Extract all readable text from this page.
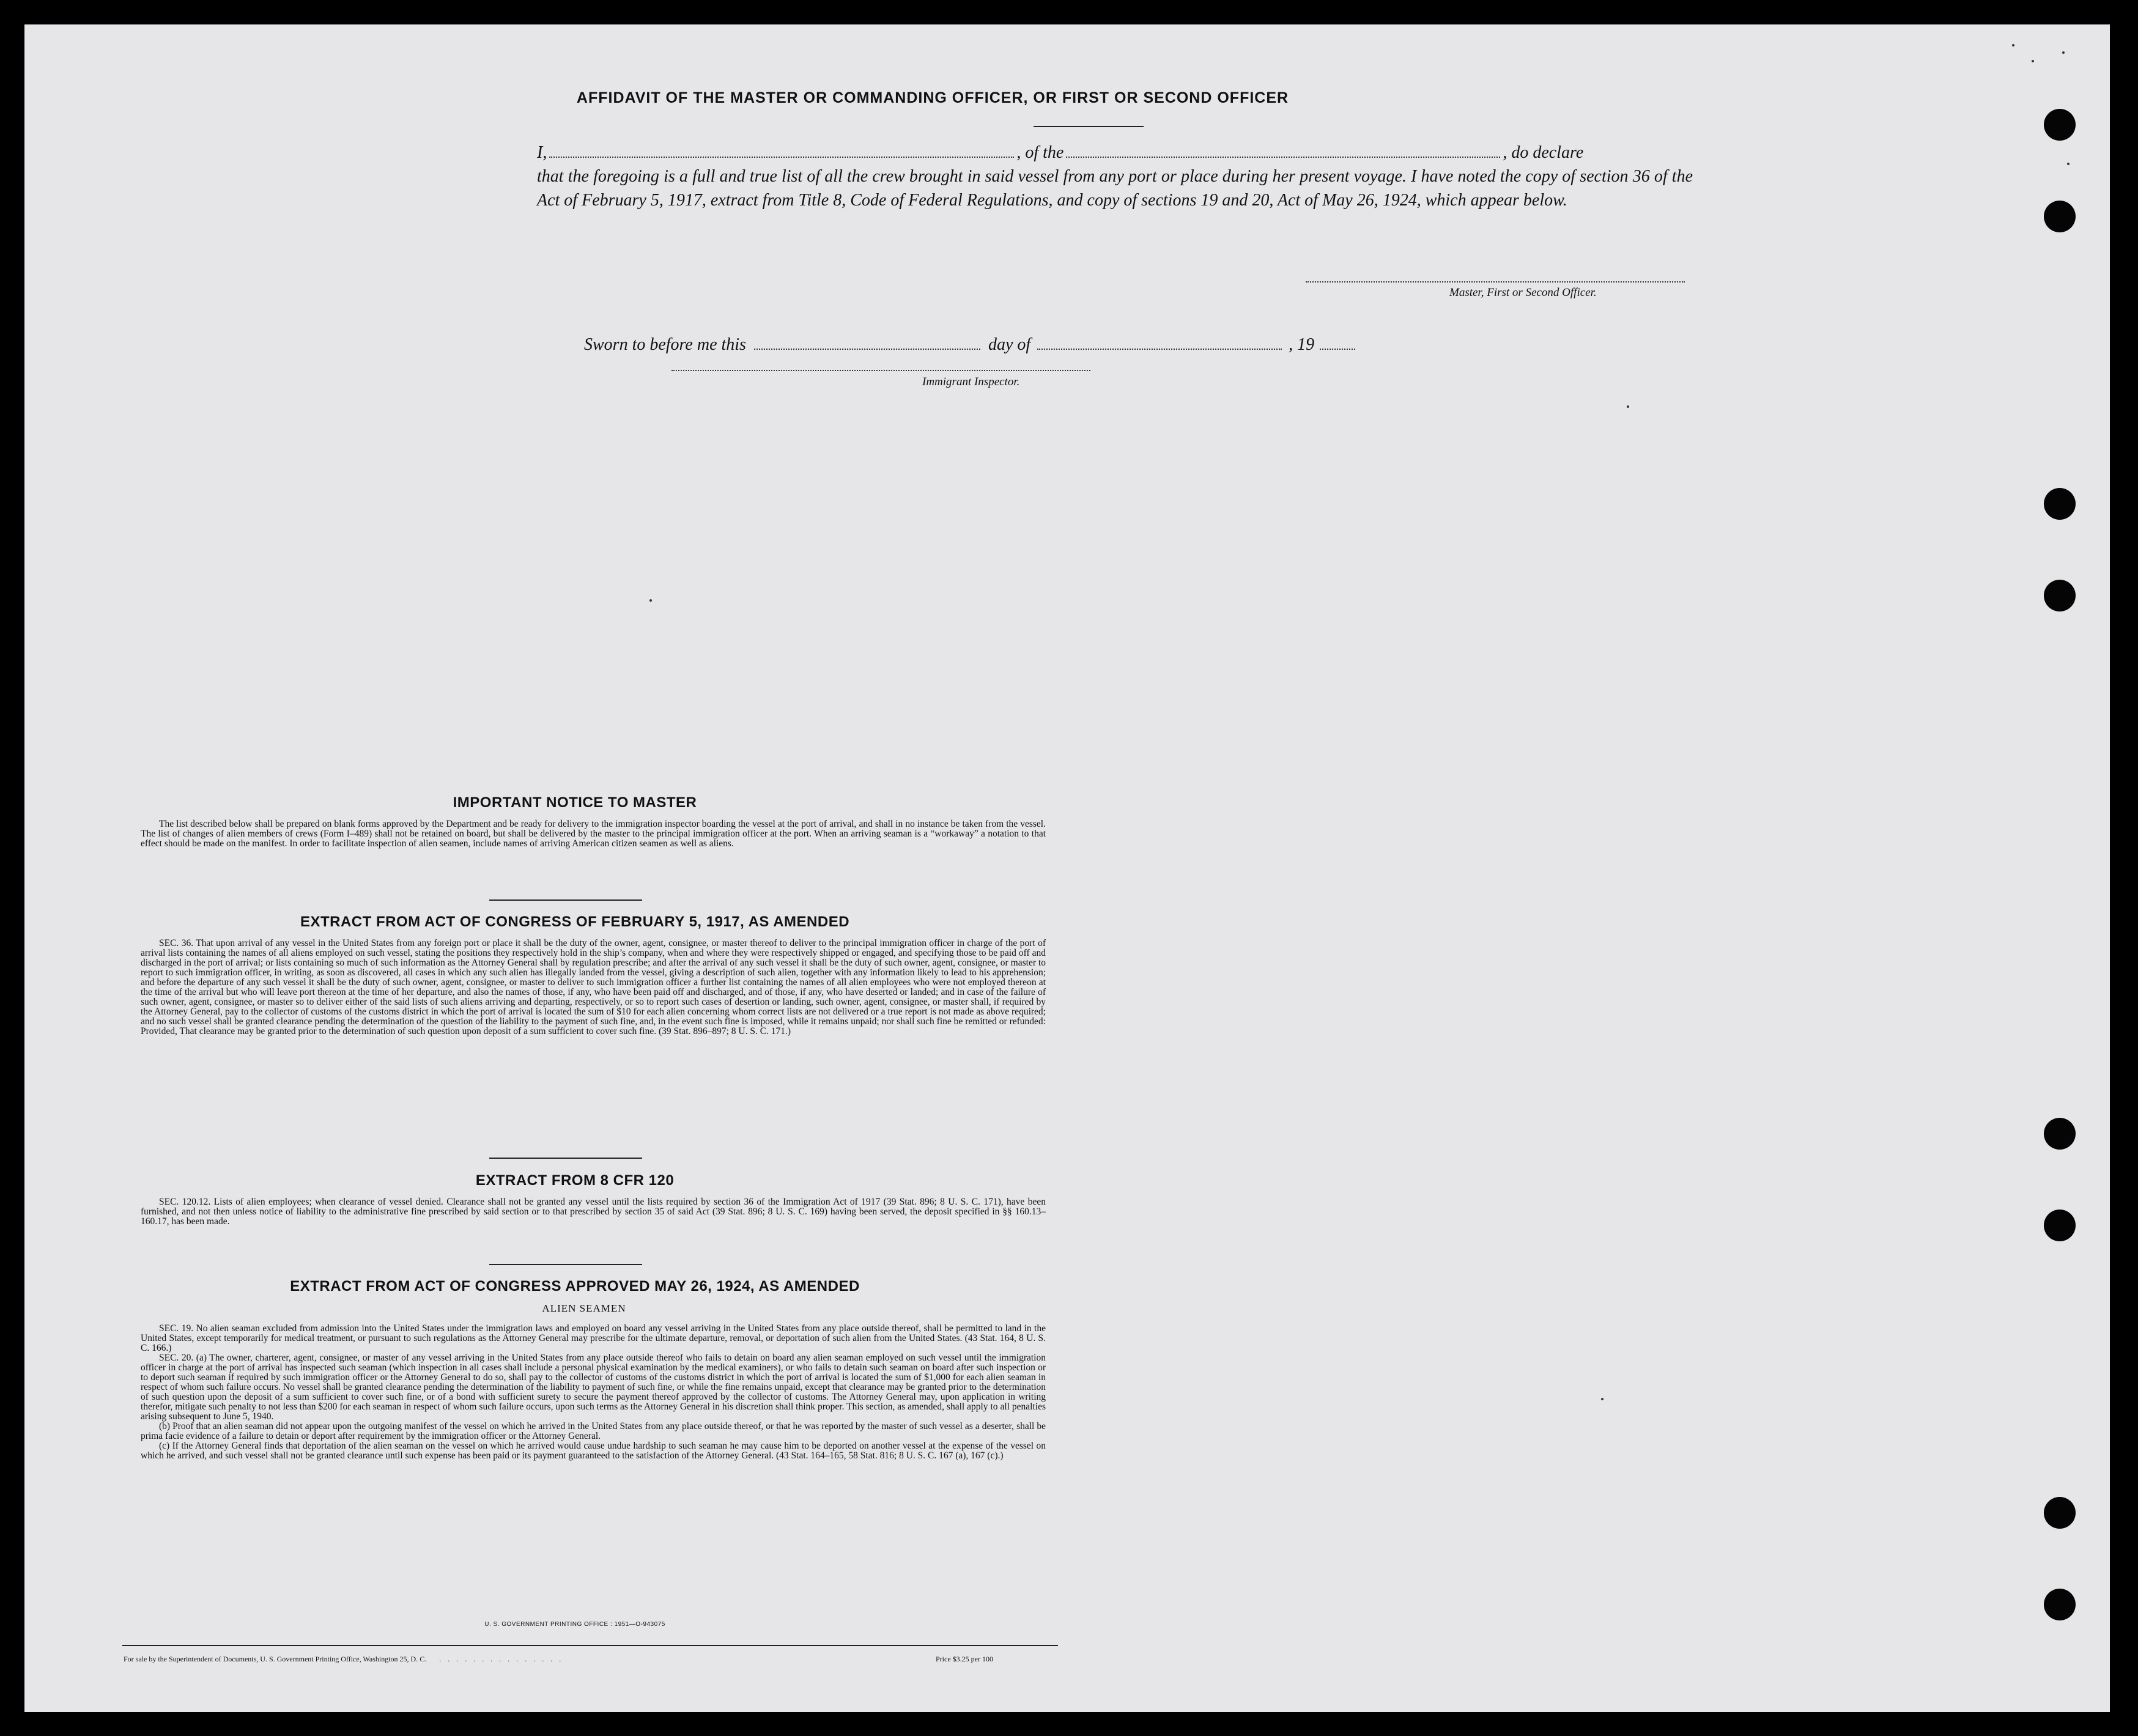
AFFIDAVIT OF THE MASTER OR COMMANDING OFFICER, OR FIRST OR SECOND OFFICER
I,	, of the	, do declare
that the foregoing is a full and true list of all the crew brought in said vessel from any port or place during her present voyage. I have noted the copy of section 36 of the Act of February 5, 1917, extract from Title 8, Code of Federal Regulations, and copy of sections 19 and 20, Act of May 26, 1924, which appear below.
Master, First or Second Officer.
Sworn to before me this	day of	, 19
Immigrant Inspector.
IMPORTANT NOTICE TO MASTER

The list described below shall be prepared on blank forms approved by the Department and be ready for delivery to the immigration inspector boarding the vessel at the port of arrival, and shall in no instance be taken from the vessel. The list of changes of alien members of crews (Form I–489) shall not be retained on board, but shall be delivered by the master to the principal immigration officer at the port. When an arriving seaman is a “workaway” a notation to that effect should be made on the manifest. In order to facilitate inspection of alien seamen, include names of arriving American citizen seamen as well as aliens.

EXTRACT FROM ACT OF CONGRESS OF FEBRUARY 5, 1917, AS AMENDED

SEC. 36. That upon arrival of any vessel in the United States from any foreign port or place it shall be the duty of the owner, agent, consignee, or master thereof to deliver to the principal immigration officer in charge of the port of arrival lists containing the names of all aliens employed on such vessel, stating the positions they respectively hold in the ship’s company, when and where they were respectively shipped or engaged, and specifying those to be paid off and discharged in the port of arrival; or lists containing so much of such information as the Attorney General shall by regulation prescribe; and after the arrival of any such vessel it shall be the duty of such owner, agent, consignee, or master to report to such immigration officer, in writing, as soon as discovered, all cases in which any such alien has illegally landed from the vessel, giving a description of such alien, together with any information likely to lead to his apprehension; and before the departure of any such vessel it shall be the duty of such owner, agent, consignee, or master to deliver to such immigration officer a further list containing the names of all alien employees who were not employed thereon at the time of the arrival but who will leave port thereon at the time of her departure, and also the names of those, if any, who have been paid off and discharged, and of those, if any, who have deserted or landed; and in case of the failure of such owner, agent, consignee, or master so to deliver either of the said lists of such aliens arriving and departing, respectively, or so to report such cases of desertion or landing, such owner, agent, consignee, or master shall, if required by the Attorney General, pay to the collector of customs of the customs district in which the port of arrival is located the sum of $10 for each alien concerning whom correct lists are not delivered or a true report is not made as above required; and no such vessel shall be granted clearance pending the determination of the question of the liability to the payment of such fine, and, in the event such fine is imposed, while it remains unpaid; nor shall such fine be remitted or refunded: Provided, That clearance may be granted prior to the determination of such question upon deposit of a sum sufficient to cover such fine. (39 Stat. 896–897; 8 U. S. C. 171.)

EXTRACT FROM 8 CFR 120

SEC. 120.12. Lists of alien employees; when clearance of vessel denied. Clearance shall not be granted any vessel until the lists required by section 36 of the Immigration Act of 1917 (39 Stat. 896; 8 U. S. C. 171), have been furnished, and not then unless notice of liability to the administrative fine prescribed by said section or to that prescribed by section 35 of said Act (39 Stat. 896; 8 U. S. C. 169) having been served, the deposit specified in §§ 160.13–160.17, has been made.

EXTRACT FROM ACT OF CONGRESS APPROVED MAY 26, 1924, AS AMENDED
ALIEN SEAMEN

SEC. 19. No alien seaman excluded from admission into the United States under the immigration laws and employed on board any vessel arriving in the United States from any place outside thereof, shall be permitted to land in the United States, except temporarily for medical treatment, or pursuant to such regulations as the Attorney General may prescribe for the ultimate departure, removal, or deportation of such alien from the United States. (43 Stat. 164, 8 U. S. C. 166.)

SEC. 20. (a) The owner, charterer, agent, consignee, or master of any vessel arriving in the United States from any place outside thereof who fails to detain on board any alien seaman employed on such vessel until the immigration officer in charge at the port of arrival has inspected such seaman (which inspection in all cases shall include a personal physical examination by the medical examiners), or who fails to detain such seaman on board after such inspection or to deport such seaman if required by such immigration officer or the Attorney General to do so, shall pay to the collector of customs of the customs district in which the port of arrival is located the sum of $1,000 for each alien seaman in respect of whom such failure occurs. No vessel shall be granted clearance pending the determination of the liability to payment of such fine, or while the fine remains unpaid, except that clearance may be granted prior to the determination of such question upon the deposit of a sum sufficient to cover such fine, or of a bond with sufficient surety to secure the payment thereof approved by the collector of customs. The Attorney General may, upon application in writing therefor, mitigate such penalty to not less than $200 for each seaman in respect of whom such failure occurs, upon such terms as the Attorney General in his discretion shall think proper. This section, as amended, shall apply to all penalties arising subsequent to June 5, 1940.

(b) Proof that an alien seaman did not appear upon the outgoing manifest of the vessel on which he arrived in the United States from any place outside thereof, or that he was reported by the master of such vessel as a deserter, shall be prima facie evidence of a failure to detain or deport after requirement by the immigration officer or the Attorney General.

(c) If the Attorney General finds that deportation of the alien seaman on the vessel on which he arrived would cause undue hardship to such seaman he may cause him to be deported on another vessel at the expense of the vessel on which he arrived, and such vessel shall not be granted clearance until such expense has been paid or its payment guaranteed to the satisfaction of the Attorney General. (43 Stat. 164–165, 58 Stat. 816; 8 U. S. C. 167 (a), 167 (c).)

U. S. GOVERNMENT PRINTING OFFICE : 1951—O-943075
For sale by the Superintendent of Documents, U. S. Government Printing Office, Washington 25, D. C. . . . . . . . . . . . . . . .	Price $3.25 per 100
